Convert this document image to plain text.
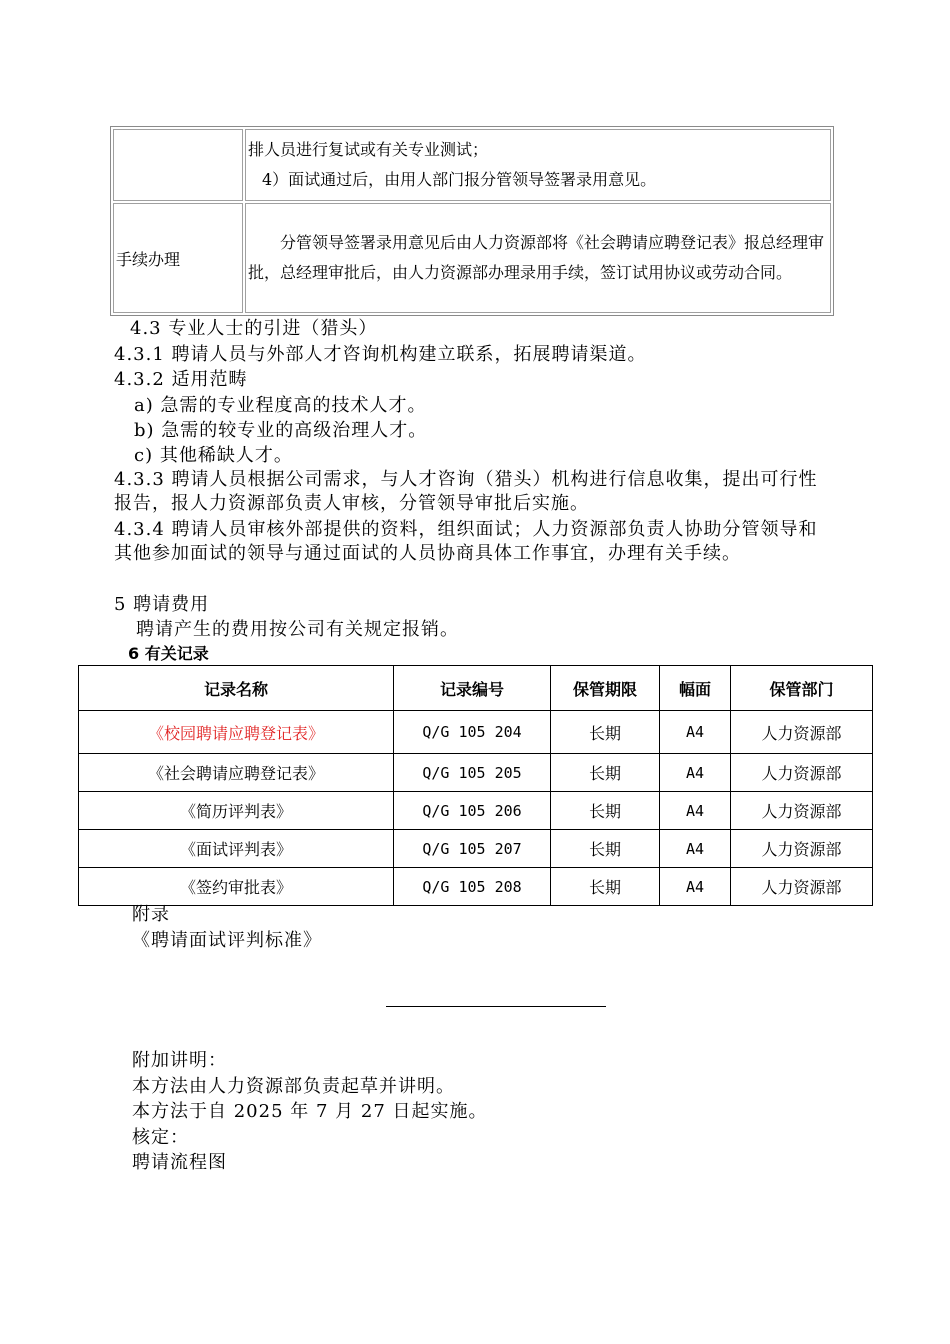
	排人员进行复试或有关专业测试；
4）面试通过后，由用人部门报分管领导签署录用意见。

手续办理	分管领导签署录用意见后由人力资源部将《社会聘请应聘登记表》报总经理审批，总经理审批后，由人力资源部办理录用手续，签订试用协议或劳动合同。
4.3 专业人士的引进（猎头）
4.3.1 聘请人员与外部人才咨询机构建立联系，拓展聘请渠道。
4.3.2 适用范畴
a) 急需的专业程度高的技术人才。
b) 急需的较专业的高级治理人才。
c) 其他稀缺人才。
4.3.3 聘请人员根据公司需求，与人才咨询（猎头）机构进行信息收集，提出可行性报告，报人力资源部负责人审核，分管领导审批后实施。
4.3.4 聘请人员审核外部提供的资料，组织面试；人力资源部负责人协助分管领导和其他参加面试的领导与通过面试的人员协商具体工作事宜，办理有关手续。
5 聘请费用
聘请产生的费用按公司有关规定报销。
6 有关记录
记录名称	记录编号	保管期限	幅面	保管部门
《校园聘请应聘登记表》	Q/G 105 204	长期	A4	人力资源部
《社会聘请应聘登记表》	Q/G 105 205	长期	A4	人力资源部
《简历评判表》	Q/G 105 206	长期	A4	人力资源部
《面试评判表》	Q/G 105 207	长期	A4	人力资源部
《签约审批表》	Q/G 105 208	长期	A4	人力资源部
附录
《聘请面试评判标准》
附加讲明：
本方法由人力资源部负责起草并讲明。
本方法于自 2025 年 7 月 27 日起实施。
核定：
聘请流程图
